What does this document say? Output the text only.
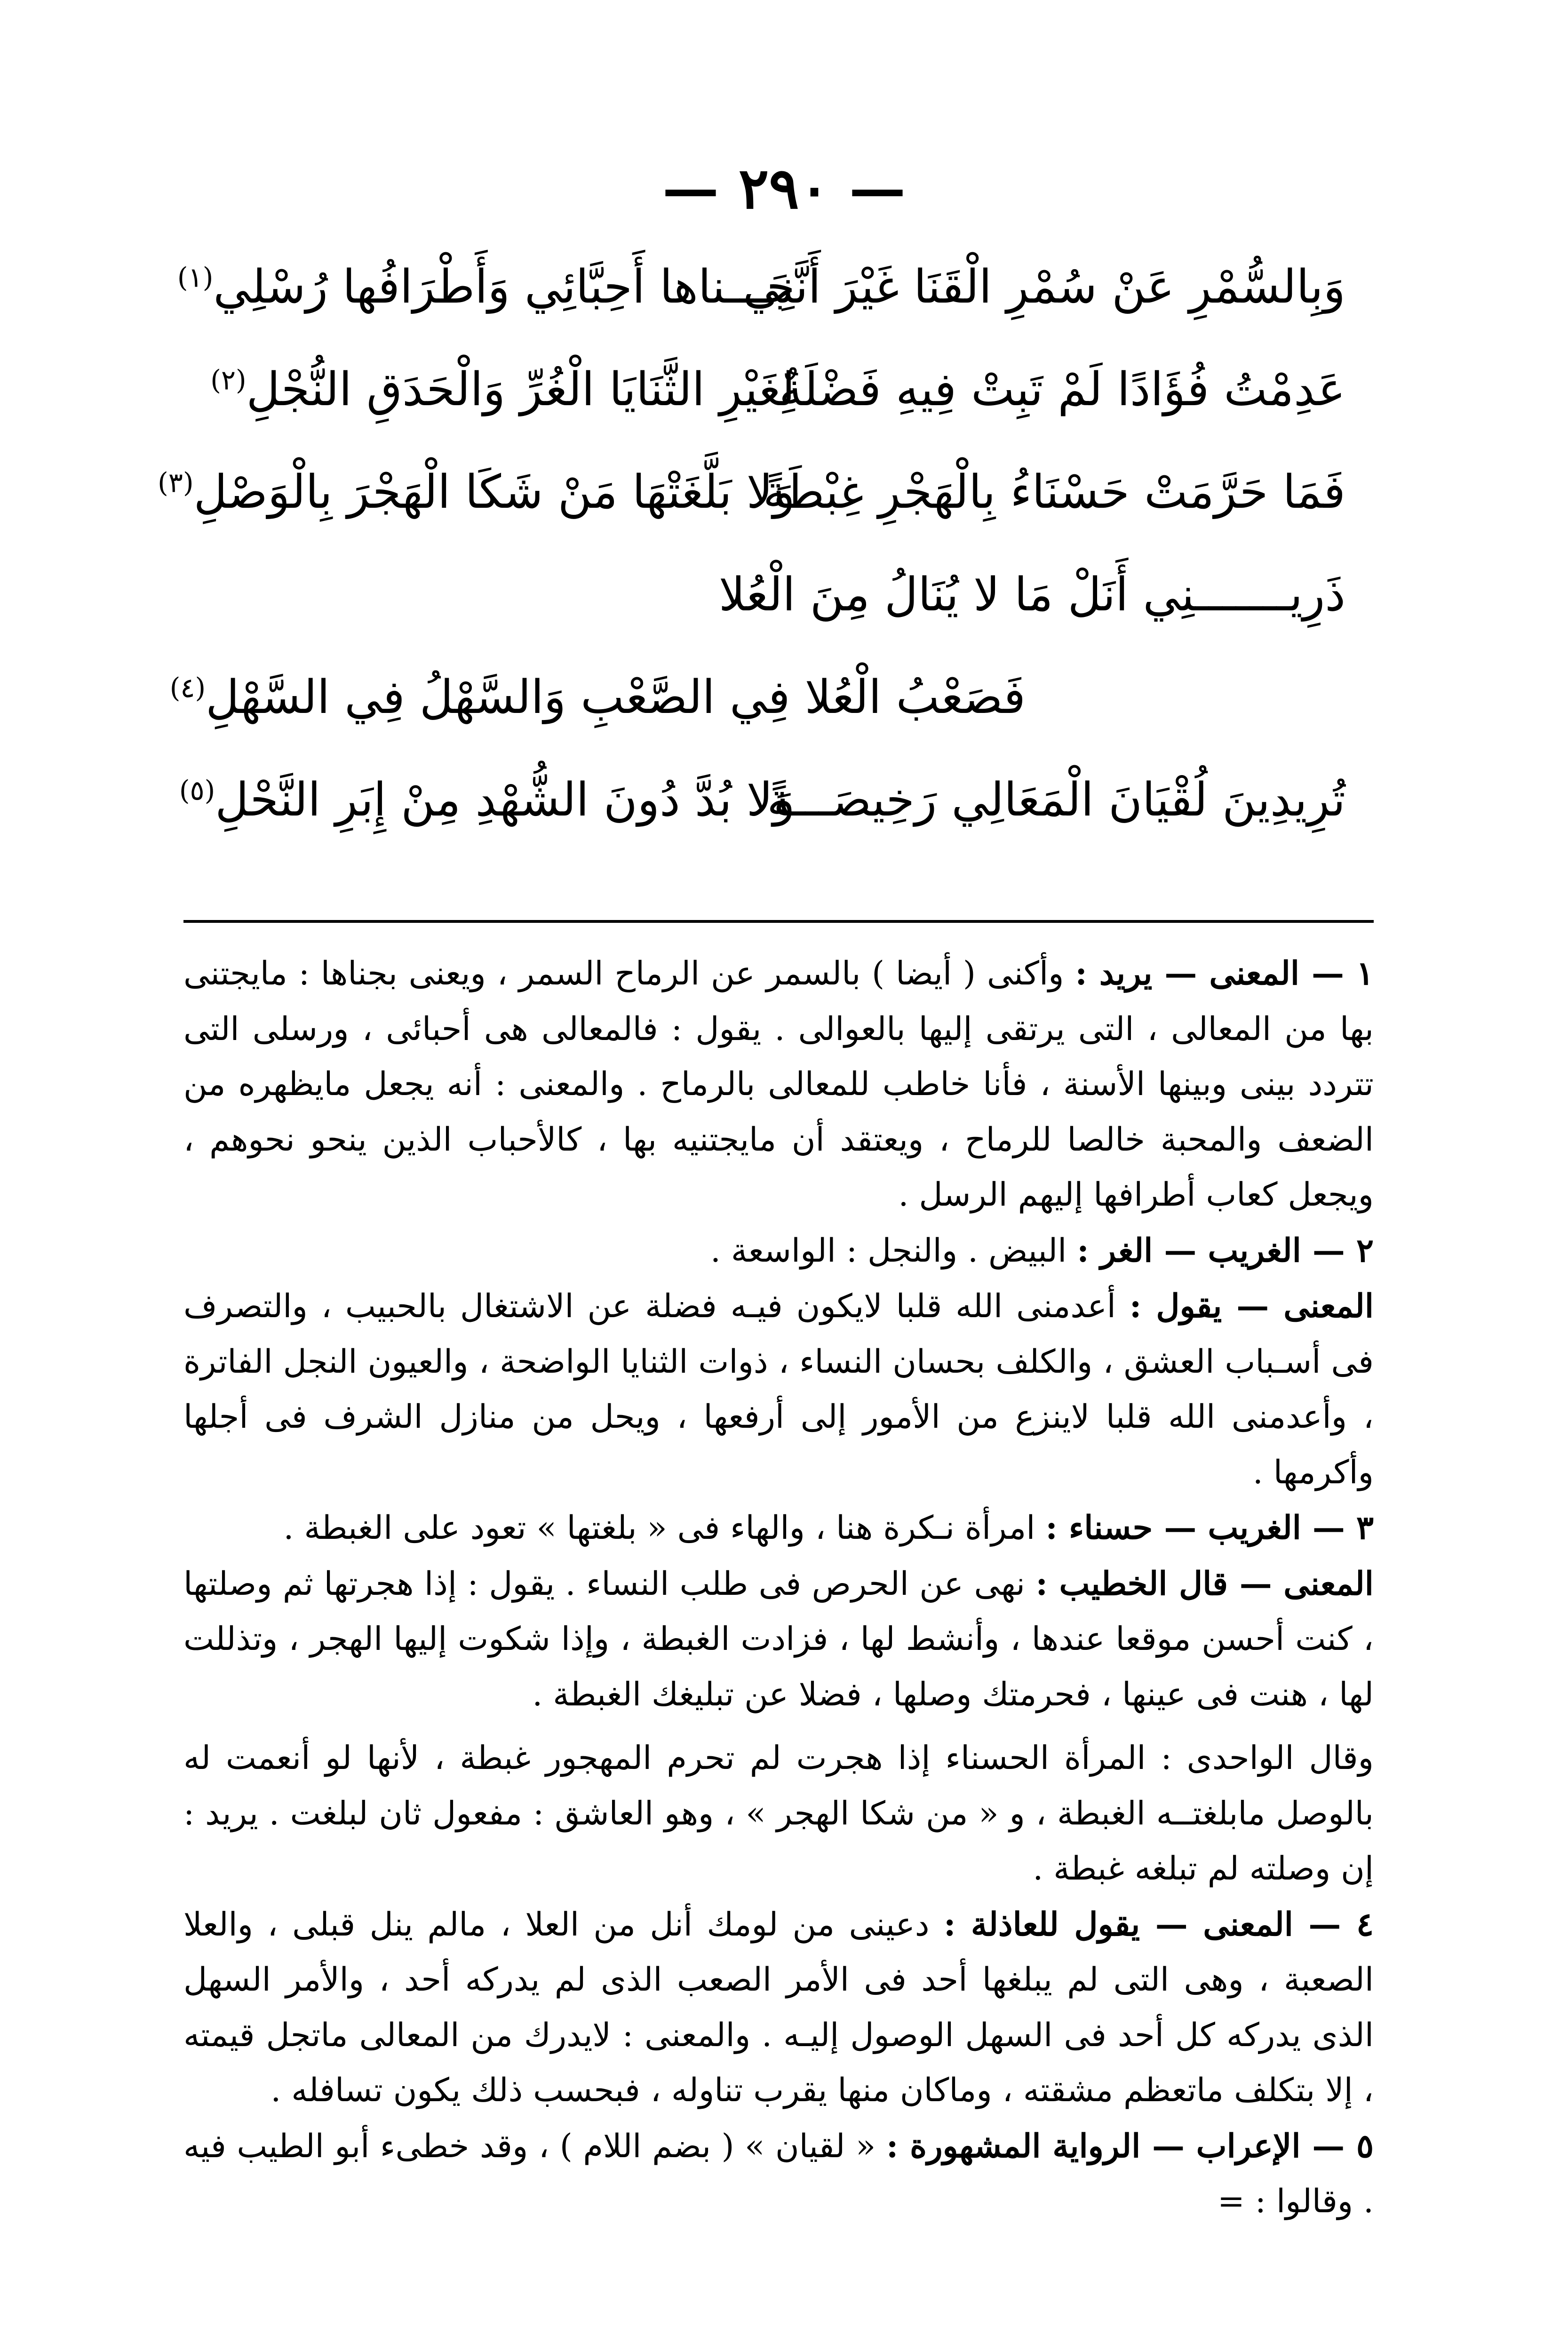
— ٢٩٠ —
وَبِالسُّمْرِ عَنْ سُمْرِ الْقَنَا غَيْرَ أَنَّنِي
جَـــناها أَحِبَّائِي وَأَطْرَافُها رُسْلِي$^{(١)}$
عَدِمْتُ فُؤَادًا لَمْ تَبِتْ فِيهِ فَضْلَةٌ
لِغَيْرِ الثَّنَايَا الْغُرِّ وَالْحَدَقِ النُّجْلِ$^{(٢)}$
فَمَا حَرَّمَتْ حَسْنَاءُ بِالْهَجْرِ غِبْطَةً
وَلا بَلَّغَتْهَا مَنْ شَكَا الْهَجْرَ بِالْوَصْلِ$^{(٣)}$
ذَرِيـــــــنِي أَنَلْ مَا لا يُنَالُ مِنَ الْعُلا
فَصَعْبُ الْعُلا فِي الصَّعْبِ وَالسَّهْلُ فِي السَّهْلِ$^{(٤)}$
تُرِيدِينَ لُقْيَانَ الْمَعَالِي رَخِيصَـــةً
وَلا بُدَّ دُونَ الشُّهْدِ مِنْ إِبَرِ النَّحْلِ$^{(٥)}$

١ — المعنى — يريد : وأكنى ( أيضا ) بالسمر عن الرماح السمر ، ويعنى بجناها : مايجتنى بها من المعالى ، التى يرتقى إليها بالعوالى . يقول : فالمعالى هى أحبائى ، ورسلى التى تتردد بينى وبينها الأسنة ، فأنا خاطب للمعالى بالرماح . والمعنى : أنه يجعل مايظهره من الضعف والمحبة خالصا للرماح ، ويعتقد أن مايجتنيه بها ، كالأحباب الذين ينحو نحوهم ، ويجعل كعاب أطرافها إليهم الرسل .

٢ — الغريب — الغر : البيض . والنجل : الواسعة .

المعنى — يقول : أعدمنى الله قلبا لايكون فيـه فضلة عن الاشتغال بالحبيب ، والتصرف فى أسـباب العشق ، والكلف بحسان النساء ، ذوات الثنايا الواضحة ، والعيون النجل الفاترة ، وأعدمنى الله قلبا لاينزع من الأمور إلى أرفعها ، ويحل من منازل الشرف فى أجلها وأكرمها .

٣ — الغريب — حسناء : امرأة نـكرة هنا ، والهاء فى « بلغتها » تعود على الغبطة .

المعنى — قال الخطيب : نهى عن الحرص فى طلب النساء . يقول : إذا هجرتها ثم وصلتها ، كنت أحسن موقعا عندها ، وأنشط لها ، فزادت الغبطة ، وإذا شكوت إليها الهجر ، وتذللت لها ، هنت فى عينها ، فحرمتك وصلها ، فضلا عن تبليغك الغبطة .

وقال الواحدى : المرأة الحسناء إذا هجرت لم تحرم المهجور غبطة ، لأنها لو أنعمت له بالوصل مابلغتــه الغبطة ، و « من شكا الهجر » ، وهو العاشق : مفعول ثان لبلغت . يريد : إن وصلته لم تبلغه غبطة .

٤ — المعنى — يقول للعاذلة : دعينى من لومك أنل من العلا ، مالم ينل قبلى ، والعلا الصعبة ، وهى التى لم يبلغها أحد فى الأمر الصعب الذى لم يدركه أحد ، والأمر السهل الذى يدركه كل أحد فى السهل الوصول إليـه . والمعنى : لايدرك من المعالى ماتجل قيمته ، إلا بتكلف ماتعظم مشقته ، وماكان منها يقرب تناوله ، فبحسب ذلك يكون تسافله .

٥ — الإعراب — الرواية المشهورة : « لقيان » ( بضم اللام ) ، وقد خطىء أبو الطيب فيه . وقالوا : =
